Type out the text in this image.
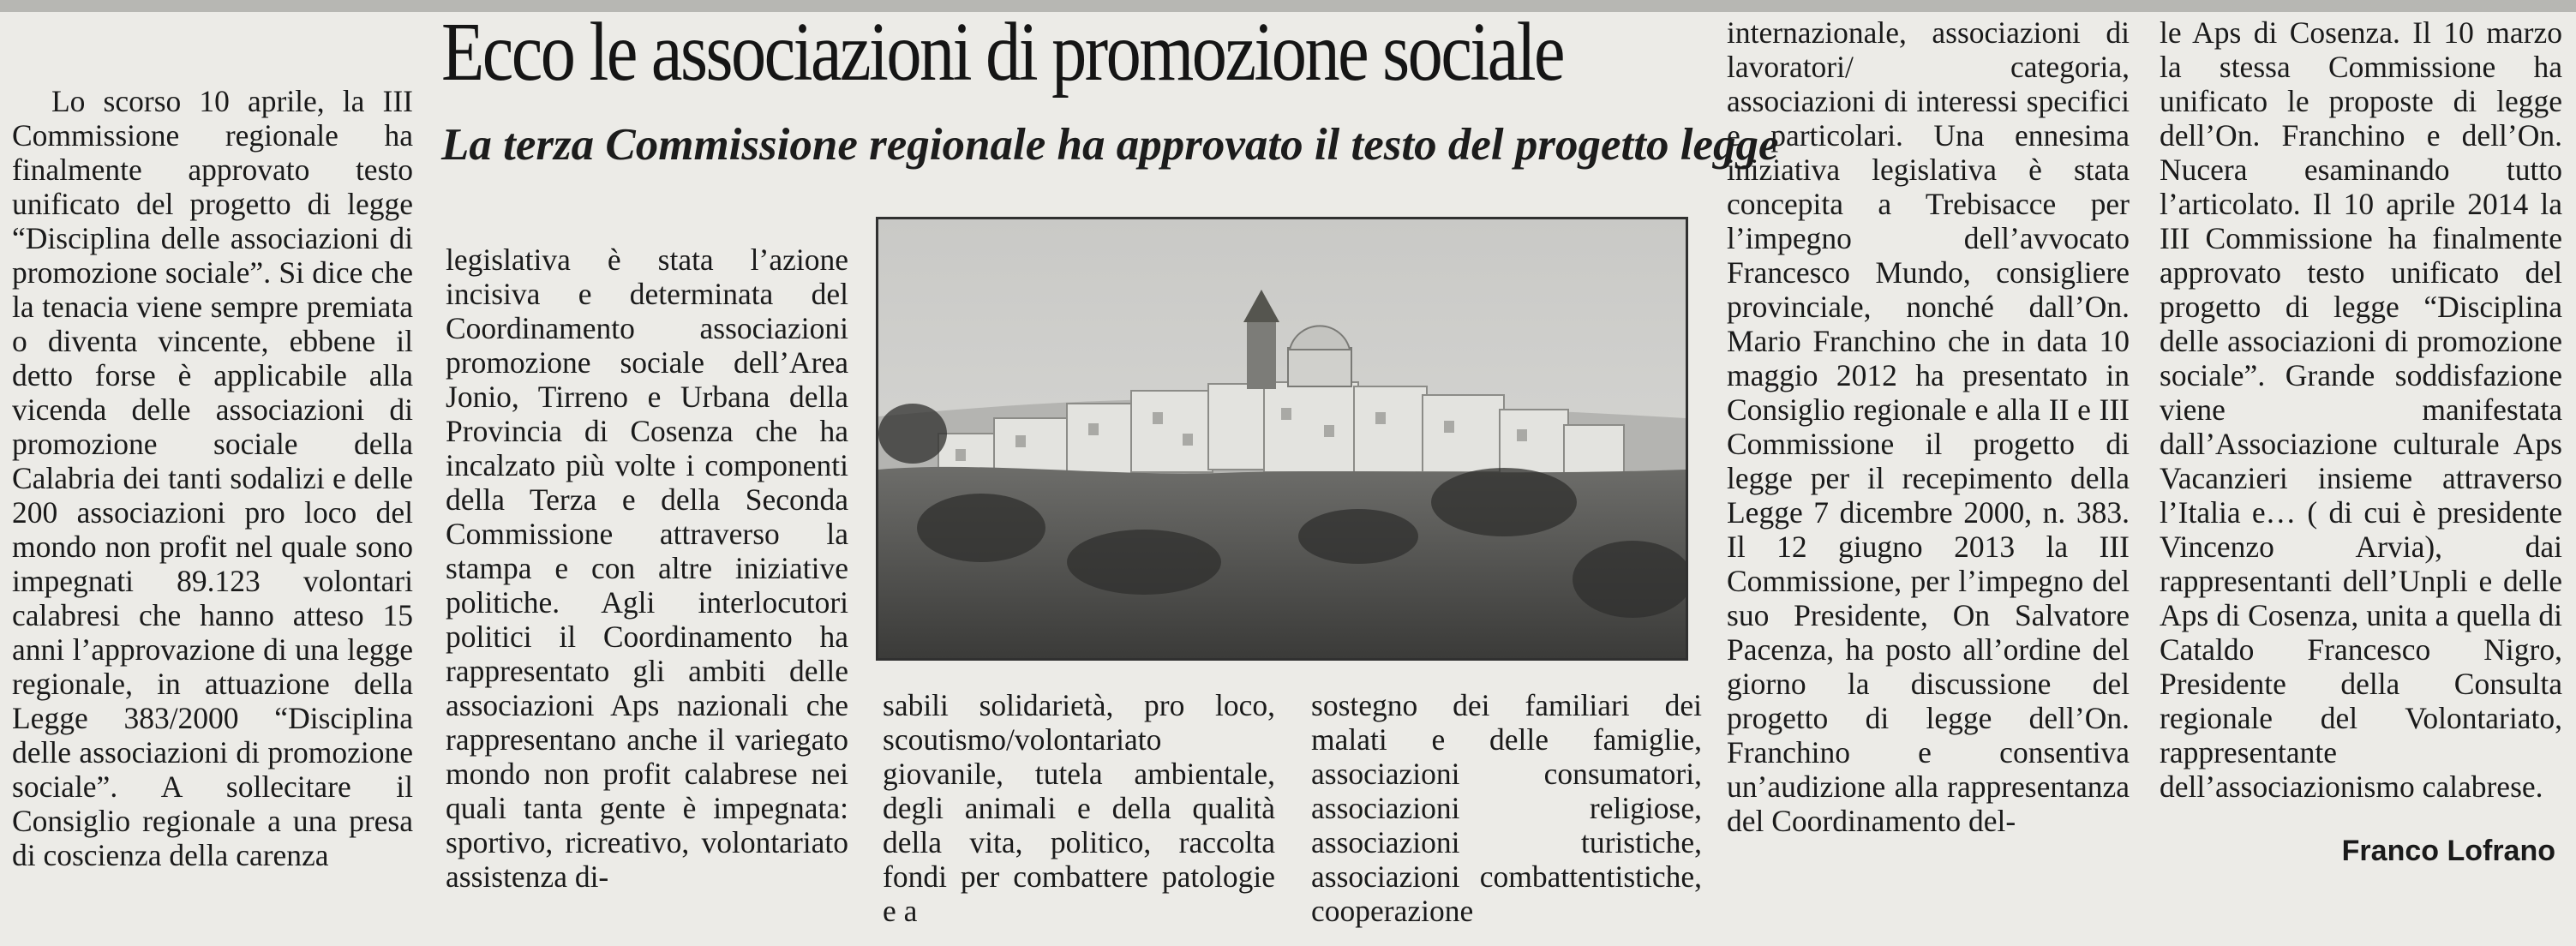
Ecco le associazioni di promozione sociale
La terza Commissione regionale ha approvato il testo del progetto legge

Lo scorso 10 aprile, la III Commissione regionale ha finalmente approvato testo unificato del progetto di legge “Disciplina delle associazioni di promozione sociale”. Si dice che la tenacia viene sempre premiata o diventa vincente, ebbene il detto forse è applicabile alla vicenda delle associazioni di promozione sociale della Calabria dei tanti sodalizi e delle 200 associazioni pro loco del mondo non profit nel quale sono impegnati 89.123 volontari calabresi che hanno atteso 15 anni l’approvazione di una legge regionale, in attuazione della Legge 383/2000 “Disciplina delle associazioni di promozione sociale”. A sollecitare il Consiglio regionale a una presa di coscienza della carenza

legislativa è stata l’azione incisiva e determinata del Coordinamento associazioni promozione sociale dell’Area Jonio, Tirreno e Urbana della Provincia di Cosenza che ha incalzato più volte i componenti della Terza e della Seconda Commissione attraverso la stampa e con altre iniziative politiche. Agli interlocutori politici il Coordinamento ha rappresentato gli ambiti delle associazioni Aps nazionali che rappresentano anche il variegato mondo non profit calabrese nei quali tanta gente è impegnata: sportivo, ricreativo, volontariato assistenza di-

sabili solidarietà, pro loco, scoutismo/volontariato giovanile, tutela ambientale, degli animali e della qualità della vita, politico, raccolta fondi per combattere patologie e a

sostegno dei familiari dei malati e delle famiglie, associazioni consumatori, associazioni religiose, associazioni turistiche, associazioni combattentistiche, cooperazione

internazionale, associazioni di lavoratori/ categoria, associazioni di interessi specifici e particolari. Una ennesima iniziativa legislativa è stata concepita a Trebisacce per l’impegno dell’avvocato Francesco Mundo, consigliere provinciale, nonché dall’On. Mario Franchino che in data 10 maggio 2012 ha presentato in Consiglio regionale e alla II e III Commissione il progetto di legge per il recepimento della Legge 7 dicembre 2000, n. 383. Il 12 giugno 2013 la III Commissione, per l’impegno del suo Presidente, On Salvatore Pacenza, ha posto all’ordine del giorno la discussione del progetto di legge dell’On. Franchino e consentiva un’audizione alla rappresentanza del Coordinamento del-

le Aps di Cosenza. Il 10 marzo la stessa Commissione ha unificato le proposte di legge dell’On. Franchino e dell’On. Nucera esaminando tutto l’articolato. Il 10 aprile 2014 la III Commissione ha finalmente approvato testo unificato del progetto di legge “Disciplina delle associazioni di promozione sociale”. Grande soddisfazione viene manifestata dall’Associazione culturale Aps Vacanzieri insieme attraverso l’Italia e… ( di cui è presidente Vincenzo Arvia), dai rappresentanti dell’Unpli e delle Aps di Cosenza, unita a quella di Cataldo Francesco Nigro, Presidente della Consulta regionale del Volontariato, rappresentante dell’associazionismo calabrese.

Franco Lofrano
